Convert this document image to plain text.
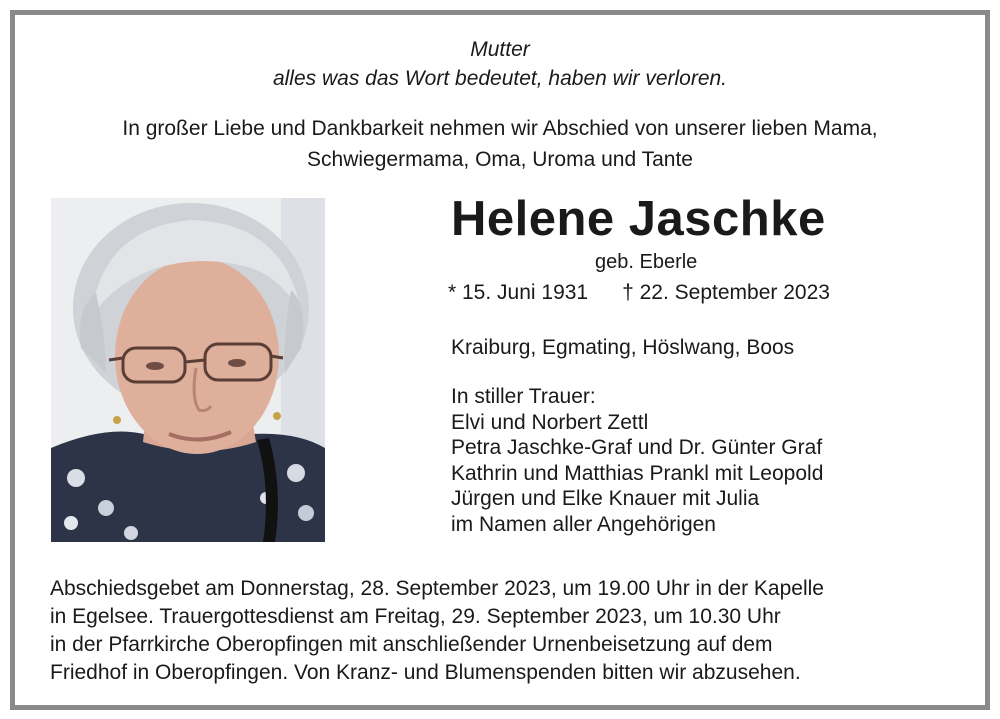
Mutter
alles was das Wort bedeutet, haben wir verloren.
In großer Liebe und Dankbarkeit nehmen wir Abschied von unserer lieben Mama,
Schwiegermama, Oma, Uroma und Tante
Helene Jaschke
geb. Eberle
* 15. Juni 1931 † 22. September 2023
Kraiburg, Egmating, Höslwang, Boos
In stiller Trauer:
Elvi und Norbert Zettl
Petra Jaschke-Graf und Dr. Günter Graf
Kathrin und Matthias Prankl mit Leopold
Jürgen und Elke Knauer mit Julia
im Namen aller Angehörigen
Abschiedsgebet am Donnerstag, 28. September 2023, um 19.00 Uhr in der Kapelle
in Egelsee. Trauergottesdienst am Freitag, 29. September 2023, um 10.30 Uhr
in der Pfarrkirche Oberopfingen mit anschließender Urnenbeisetzung auf dem
Friedhof in Oberopfingen. Von Kranz- und Blumenspenden bitten wir abzusehen.
